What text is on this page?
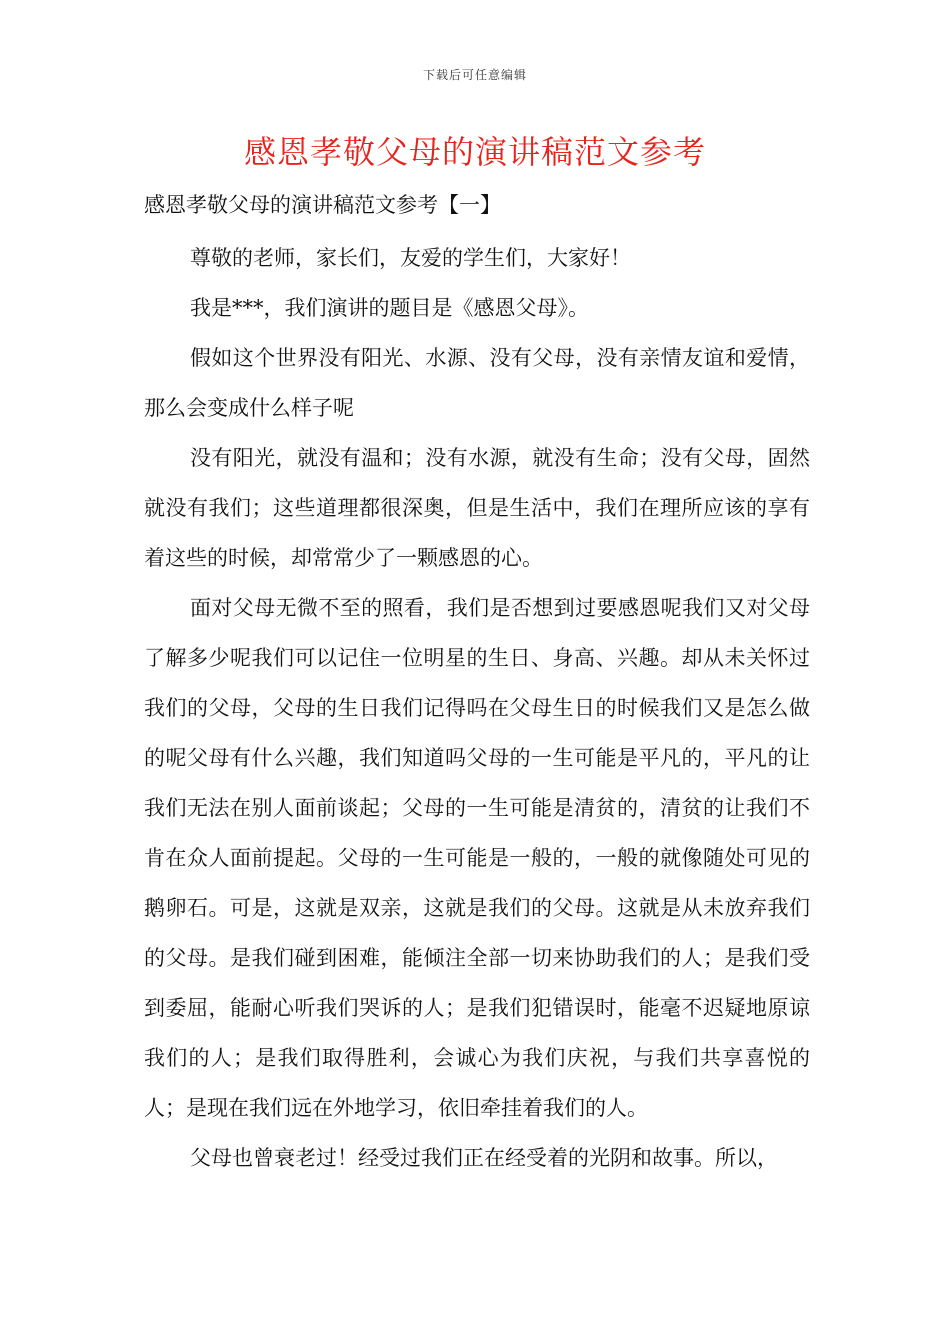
下载后可任意编辑
感恩孝敬父母的演讲稿范文参考

感恩孝敬父母的演讲稿范文参考【一】

尊敬的老师，家长们，友爱的学生们，大家好！

我是***，我们演讲的题目是《感恩父母》。

假如这个世界没有阳光、水源、没有父母，没有亲情友谊和爱情，那么会变成什么样子呢

没有阳光，就没有温和；没有水源，就没有生命；没有父母，固然就没有我们；这些道理都很深奥，但是生活中，我们在理所应该的享有着这些的时候，却常常少了一颗感恩的心。

面对父母无微不至的照看，我们是否想到过要感恩呢我们又对父母了解多少呢我们可以记住一位明星的生日、身高、兴趣。却从未关怀过我们的父母，父母的生日我们记得吗在父母生日的时候我们又是怎么做的呢父母有什么兴趣，我们知道吗父母的一生可能是平凡的，平凡的让我们无法在别人面前谈起；父母的一生可能是清贫的，清贫的让我们不肯在众人面前提起。父母的一生可能是一般的，一般的就像随处可见的鹅卵石。可是，这就是双亲，这就是我们的父母。这就是从未放弃我们的父母。是我们碰到困难，能倾注全部一切来协助我们的人；是我们受到委屈，能耐心听我们哭诉的人；是我们犯错误时，能毫不迟疑地原谅我们的人；是我们取得胜利，会诚心为我们庆祝，与我们共享喜悦的人；是现在我们远在外地学习，依旧牵挂着我们的人。

父母也曾衰老过！经受过我们正在经受着的光阴和故事。所以，
